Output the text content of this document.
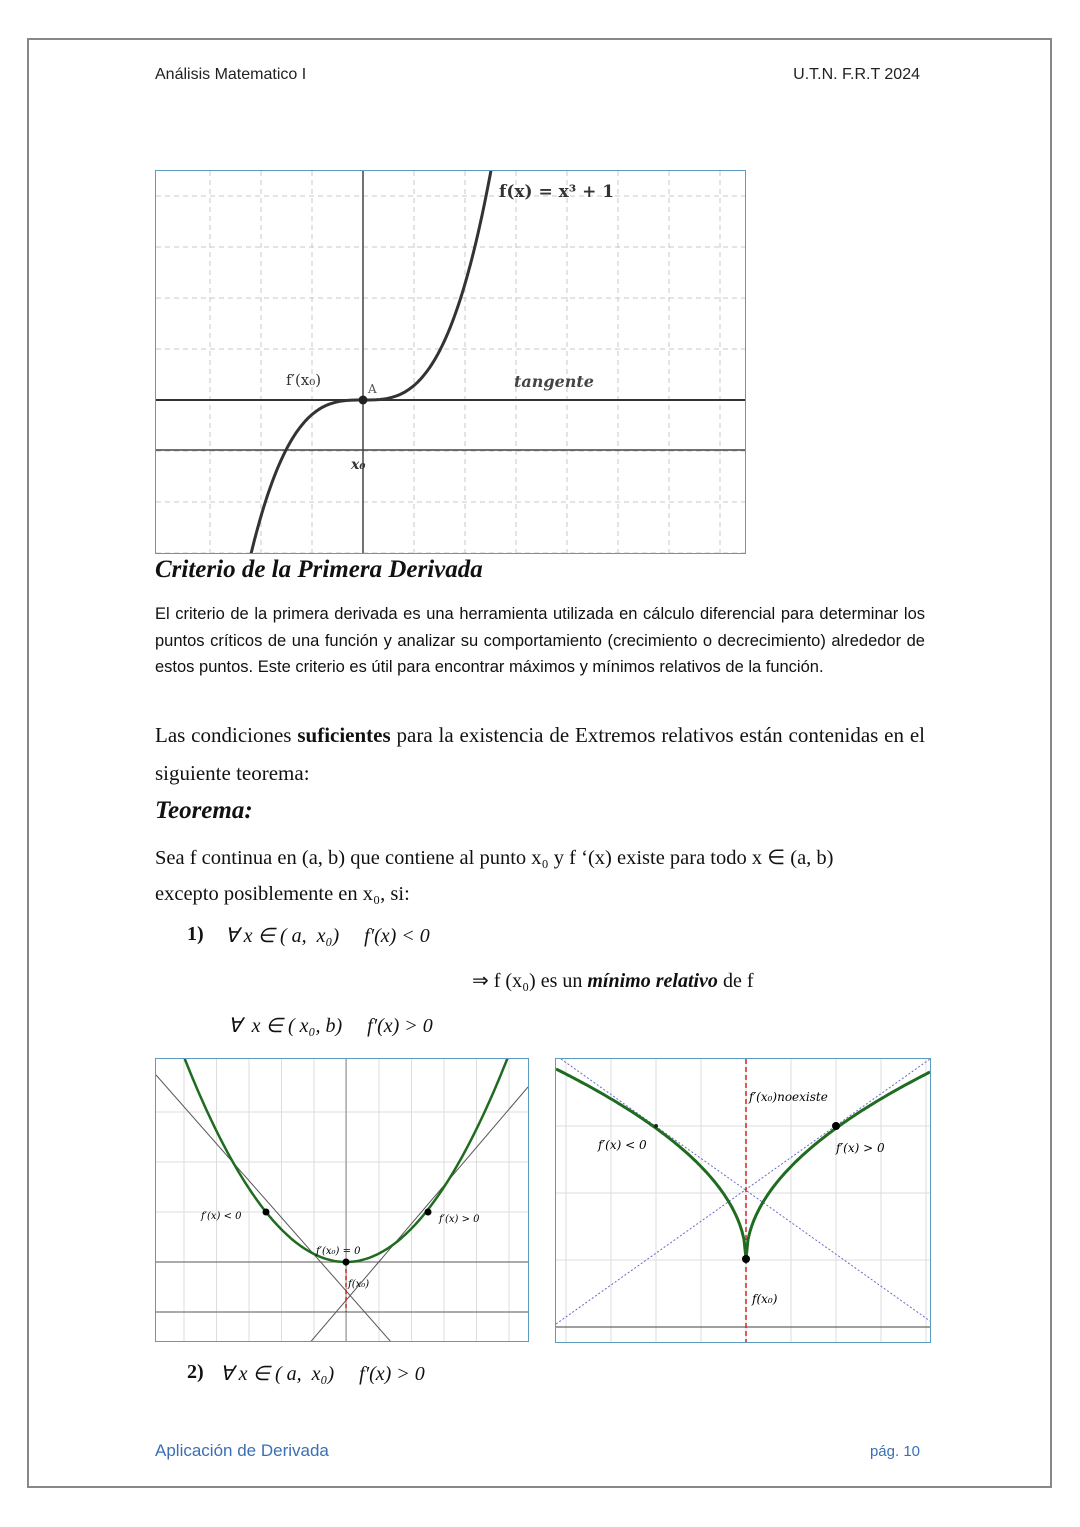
Análisis Matematico I	U.T.N. F.R.T 2024
f(x) = x³ + 1
f′(x₀)	A	tangente
x₀
Criterio de la Primera Derivada
El criterio de la primera derivada es una herramienta utilizada en cálculo diferencial para determinar los puntos críticos de una función y analizar su comportamiento (crecimiento o decrecimiento) alrededor de estos puntos. Este criterio es útil para encontrar máximos y mínimos relativos de la función.
Las condiciones suficientes para la existencia de Extremos relativos están contenidas en el siguiente teorema:
Teorema:
Sea f continua en (a, b) que contiene al punto x₀ y f ‘(x) existe para todo x ∈ (a, b)
excepto posiblemente en x₀, si:
1) ∀ x ∈ ( a,  x₀)     f′(x) < 0
⇒ f (x₀) es un mínimo relativo de f
∀  x ∈ ( x₀, b)     f′(x) > 0
f′(x) < 0	f′(x) > 0
f′(x₀) = 0
f(x₀)
f′(x₀)noexiste
f′(x) < 0	f′(x) > 0
f(x₀)
2) ∀ x ∈ ( a,  x₀)     f′(x) > 0
Aplicación de Derivada	pág. 10
